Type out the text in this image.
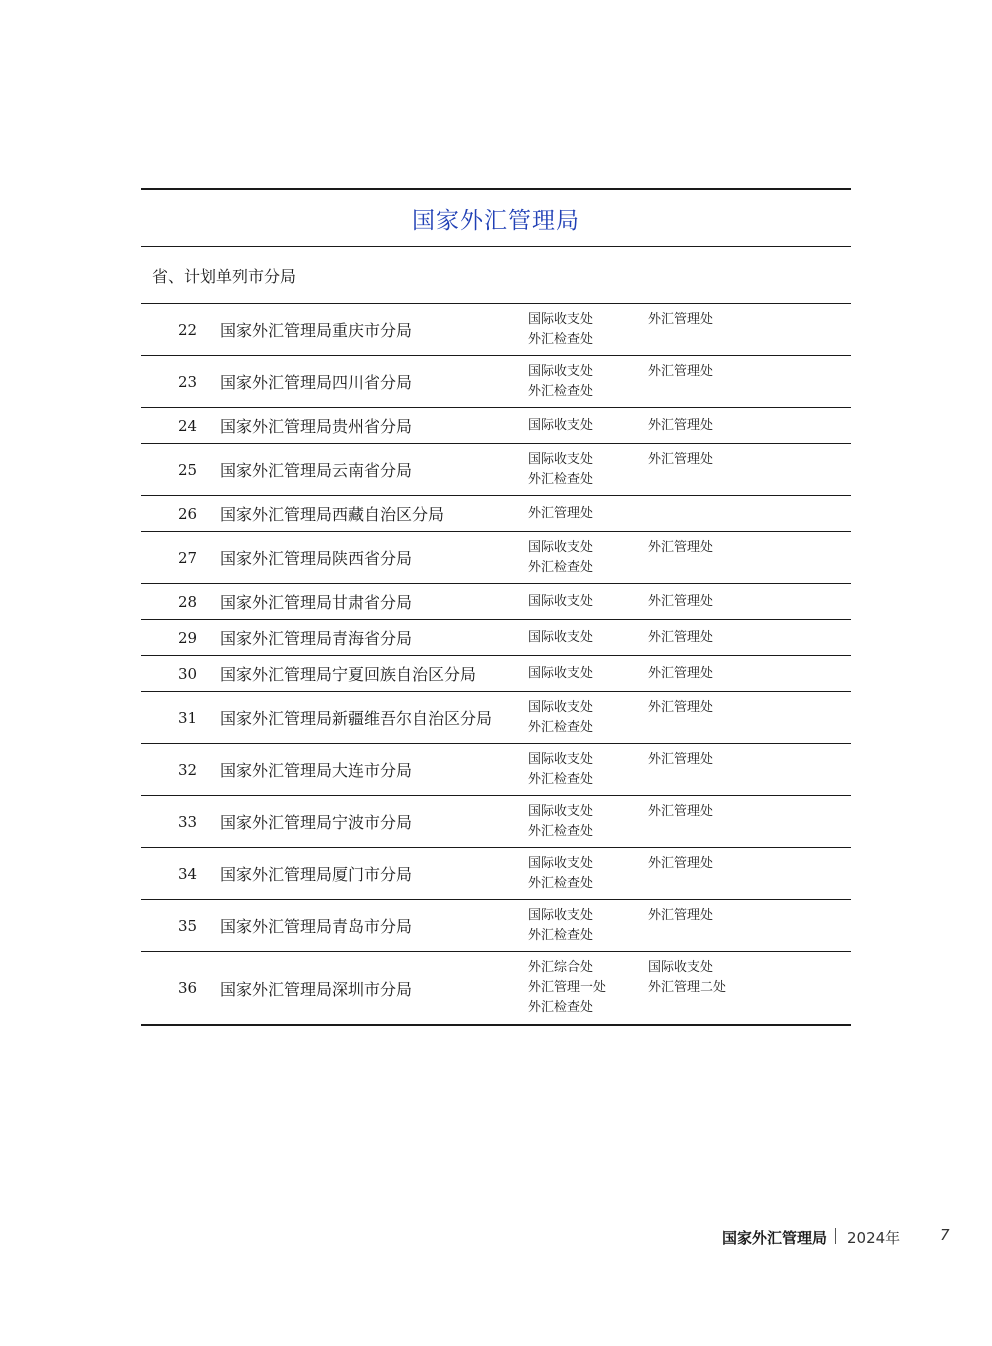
国家外汇管理局
省、计划单列市分局
22	国家外汇管理局重庆市分局
国际收支处	外汇管理处
外汇检查处
23	国家外汇管理局四川省分局
国际收支处	外汇管理处
外汇检查处
24	国家外汇管理局贵州省分局	国际收支处	外汇管理处
25	国家外汇管理局云南省分局
国际收支处	外汇管理处
外汇检查处
26	国家外汇管理局西藏自治区分局	外汇管理处
27	国家外汇管理局陕西省分局
国际收支处	外汇管理处
外汇检查处
28	国家外汇管理局甘肃省分局	国际收支处	外汇管理处
29	国家外汇管理局青海省分局	国际收支处	外汇管理处
30	国家外汇管理局宁夏回族自治区分局	国际收支处	外汇管理处
31	国家外汇管理局新疆维吾尔自治区分局
国际收支处	外汇管理处
外汇检查处
32	国家外汇管理局大连市分局
国际收支处	外汇管理处
外汇检查处
33	国家外汇管理局宁波市分局
国际收支处	外汇管理处
外汇检查处
34	国家外汇管理局厦门市分局
国际收支处	外汇管理处
外汇检查处
35	国家外汇管理局青岛市分局
国际收支处	外汇管理处
外汇检查处
36	国家外汇管理局深圳市分局
外汇综合处	国际收支处
外汇管理一处	外汇管理二处
外汇检查处
国家外汇管理局 2024年	7
